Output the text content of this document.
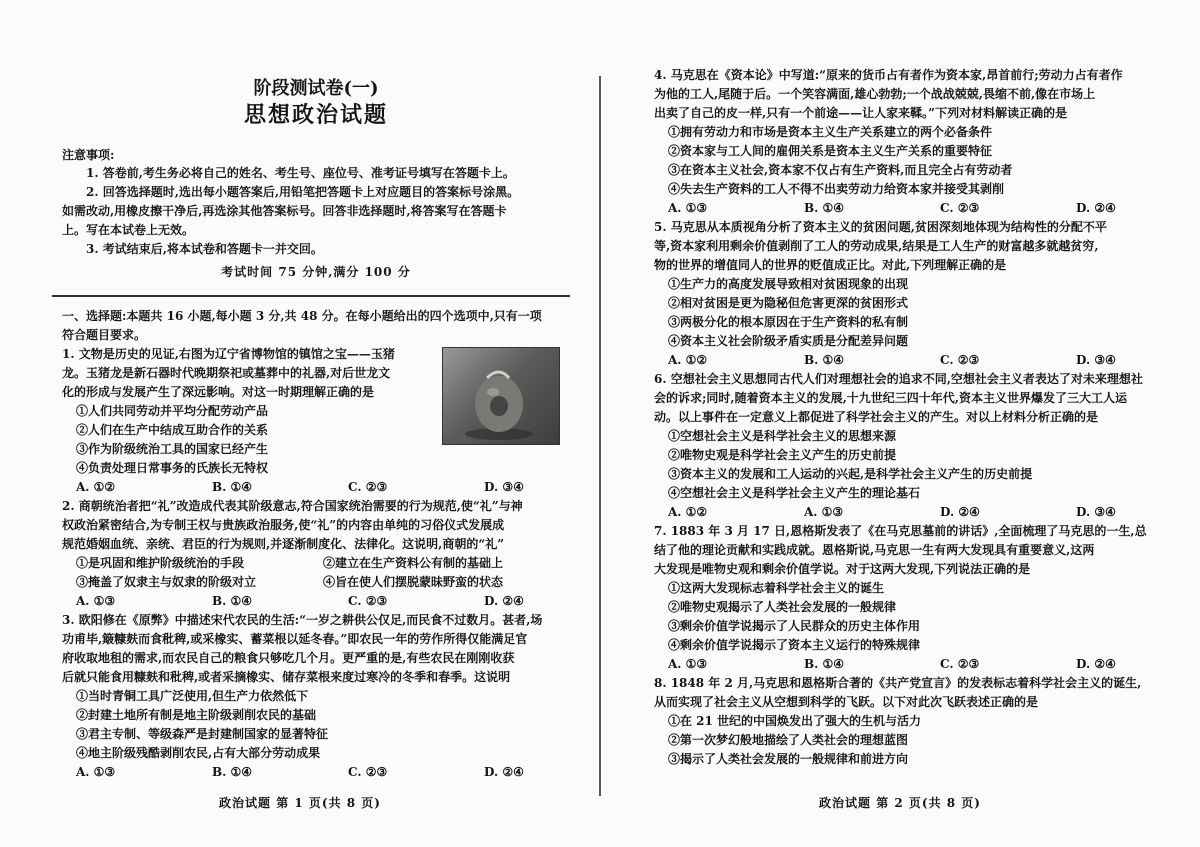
阶段测试卷(一)
思想政治试题
注意事项:

1. 答卷前,考生务必将自己的姓名、考生号、座位号、准考证号填写在答题卡上。

2. 回答选择题时,选出每小题答案后,用铅笔把答题卡上对应题目的答案标号涂黑。

如需改动,用橡皮擦干净后,再选涂其他答案标号。回答非选择题时,将答案写在答题卡

上。写在本试卷上无效。

3. 考试结束后,将本试卷和答题卡一并交回。

考试时间 75 分钟,满分 100 分

一、选择题:本题共 16 小题,每小题 3 分,共 48 分。在每小题给出的四个选项中,只有一项

符合题目要求。

1. 文物是历史的见证,右图为辽宁省博物馆的镇馆之宝——玉猪

龙。玉猪龙是新石器时代晚期祭祀或墓葬中的礼器,对后世龙文

化的形成与发展产生了深远影响。对这一时期理解正确的是

①人们共同劳动并平均分配劳动产品

②人们在生产中结成互助合作的关系

③作为阶级统治工具的国家已经产生

④负责处理日常事务的氏族长无特权

A. ①②	B. ①④	C. ②③	D. ③④

2. 商朝统治者把“礼”改造成代表其阶级意志,符合国家统治需要的行为规范,使“礼”与神

权政治紧密结合,为专制王权与贵族政治服务,使“礼”的内容由单纯的习俗仪式发展成

规范婚姻血统、亲统、君臣的行为规则,并逐渐制度化、法律化。这说明,商朝的“礼”

①是巩固和维护阶级统治的手段	②建立在生产资料公有制的基础上

③掩盖了奴隶主与奴隶的阶级对立	④旨在使人们摆脱蒙昧野蛮的状态

A. ①③	B. ①④	C. ②③	D. ②④

3. 欧阳修在《原弊》中描述宋代农民的生活:“一岁之耕供公仅足,而民食不过数月。甚者,场

功甫毕,簸糠麸而食秕稗,或采橡实、蓄菜根以延冬春。”即农民一年的劳作所得仅能满足官

府收取地租的需求,而农民自己的粮食只够吃几个月。更严重的是,有些农民在刚刚收获

后就只能食用糠麸和秕稗,或者采摘橡实、储存菜根来度过寒冷的冬季和春季。这说明

①当时青铜工具广泛使用,但生产力依然低下

②封建土地所有制是地主阶级剥削农民的基础

③君主专制、等级森严是封建制国家的显著特征

④地主阶级残酷剥削农民,占有大部分劳动成果

A. ①③	B. ①④	C. ②③	D. ②④
政治试题 第 1 页(共 8 页)

4. 马克思在《资本论》中写道:“原来的货币占有者作为资本家,昂首前行;劳动力占有者作

为他的工人,尾随于后。一个笑容满面,雄心勃勃;一个战战兢兢,畏缩不前,像在市场上

出卖了自己的皮一样,只有一个前途——让人家来鞣。”下列对材料解读正确的是

①拥有劳动力和市场是资本主义生产关系建立的两个必备条件

②资本家与工人间的雇佣关系是资本主义生产关系的重要特征

③在资本主义社会,资本家不仅占有生产资料,而且完全占有劳动者

④失去生产资料的工人不得不出卖劳动力给资本家并接受其剥削

A. ①③	B. ①④	C. ②③	D. ②④

5. 马克思从本质视角分析了资本主义的贫困问题,贫困深刻地体现为结构性的分配不平

等,资本家利用剩余价值剥削了工人的劳动成果,结果是工人生产的财富越多就越贫穷,

物的世界的增值同人的世界的贬值成正比。对此,下列理解正确的是

①生产力的高度发展导致相对贫困现象的出现

②相对贫困是更为隐秘但危害更深的贫困形式

③两极分化的根本原因在于生产资料的私有制

④资本主义社会阶级矛盾实质是分配差异问题

A. ①②	B. ①④	C. ②③	D. ③④

6. 空想社会主义思想同古代人们对理想社会的追求不同,空想社会主义者表达了对未来理想社

会的诉求;同时,随着资本主义的发展,十九世纪三四十年代,资本主义世界爆发了三大工人运

动。以上事件在一定意义上都促进了科学社会主义的产生。对以上材料分析正确的是

①空想社会主义是科学社会主义的思想来源

②唯物史观是科学社会主义产生的历史前提

③资本主义的发展和工人运动的兴起,是科学社会主义产生的历史前提

④空想社会主义是科学社会主义产生的理论基石

A. ①②	A. ①③	D. ②④	D. ③④

7. 1883 年 3 月 17 日,恩格斯发表了《在马克思墓前的讲话》,全面梳理了马克思的一生,总

结了他的理论贡献和实践成就。恩格斯说,马克思一生有两大发现具有重要意义,这两

大发现是唯物史观和剩余价值学说。对于这两大发现,下列说法正确的是

①这两大发现标志着科学社会主义的诞生

②唯物史观揭示了人类社会发展的一般规律

③剩余价值学说揭示了人民群众的历史主体作用

④剩余价值学说揭示了资本主义运行的特殊规律

A. ①③	B. ①④	C. ②③	D. ②④

8. 1848 年 2 月,马克思和恩格斯合著的《共产党宣言》的发表标志着科学社会主义的诞生,

从而实现了社会主义从空想到科学的飞跃。以下对此次飞跃表述正确的是

①在 21 世纪的中国焕发出了强大的生机与活力

②第一次梦幻般地描绘了人类社会的理想蓝图

③揭示了人类社会发展的一般规律和前进方向

政治试题 第 2 页(共 8 页)
